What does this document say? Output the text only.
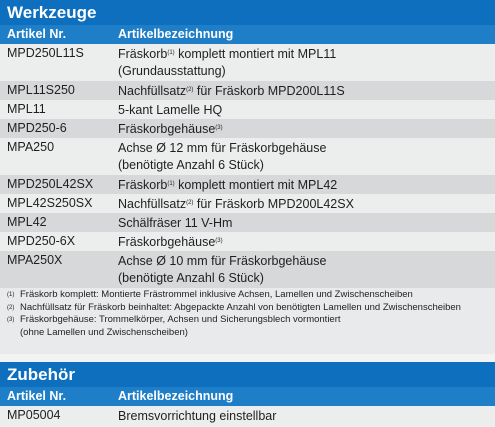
Werkzeuge
Artikel Nr.	Artikelbezeichnung
MPD250L11S	Fräskorb$^{(1)}$ komplett montiert mit MPL11
(Grundausstattung)
MPL11S250	Nachfüllsatz$^{(2)}$ für Fräskorb MPD200L11S
MPL11	5-kant Lamelle HQ
MPD250-6	Fräskorbgehäuse$^{(3)}$
MPA250	Achse Ø 12 mm für Fräskorbgehäuse
(benötigte Anzahl 6 Stück)
MPD250L42SX Fräskorb$^{(1)}$ komplett montiert mit MPL42
MPL42S250SX Nachfüllsatz$^{(2)}$ für Fräskorb MPD200L42SX
MPL42	Schälfräser 11 V-Hm
MPD250-6X	Fräskorbgehäuse$^{(3)}$
MPA250X	Achse Ø 10 mm für Fräskorbgehäuse
(benötigte Anzahl 6 Stück)
(1) Fräskorb komplett: Montierte Frästrommel inklusive Achsen, Lamellen und Zwischenscheiben
(2) Nachfüllsatz für Fräskorb beinhaltet: Abgepackte Anzahl von benötigten Lamellen und Zwischenscheiben
(3) Fräskorbgehäuse: Trommelkörper, Achsen und Sicherungsblech vormontiert
(ohne Lamellen und Zwischenscheiben)
Zubehör
Artikel Nr.	Artikelbezeichnung
MP05004	Bremsvorrichtung einstellbar
